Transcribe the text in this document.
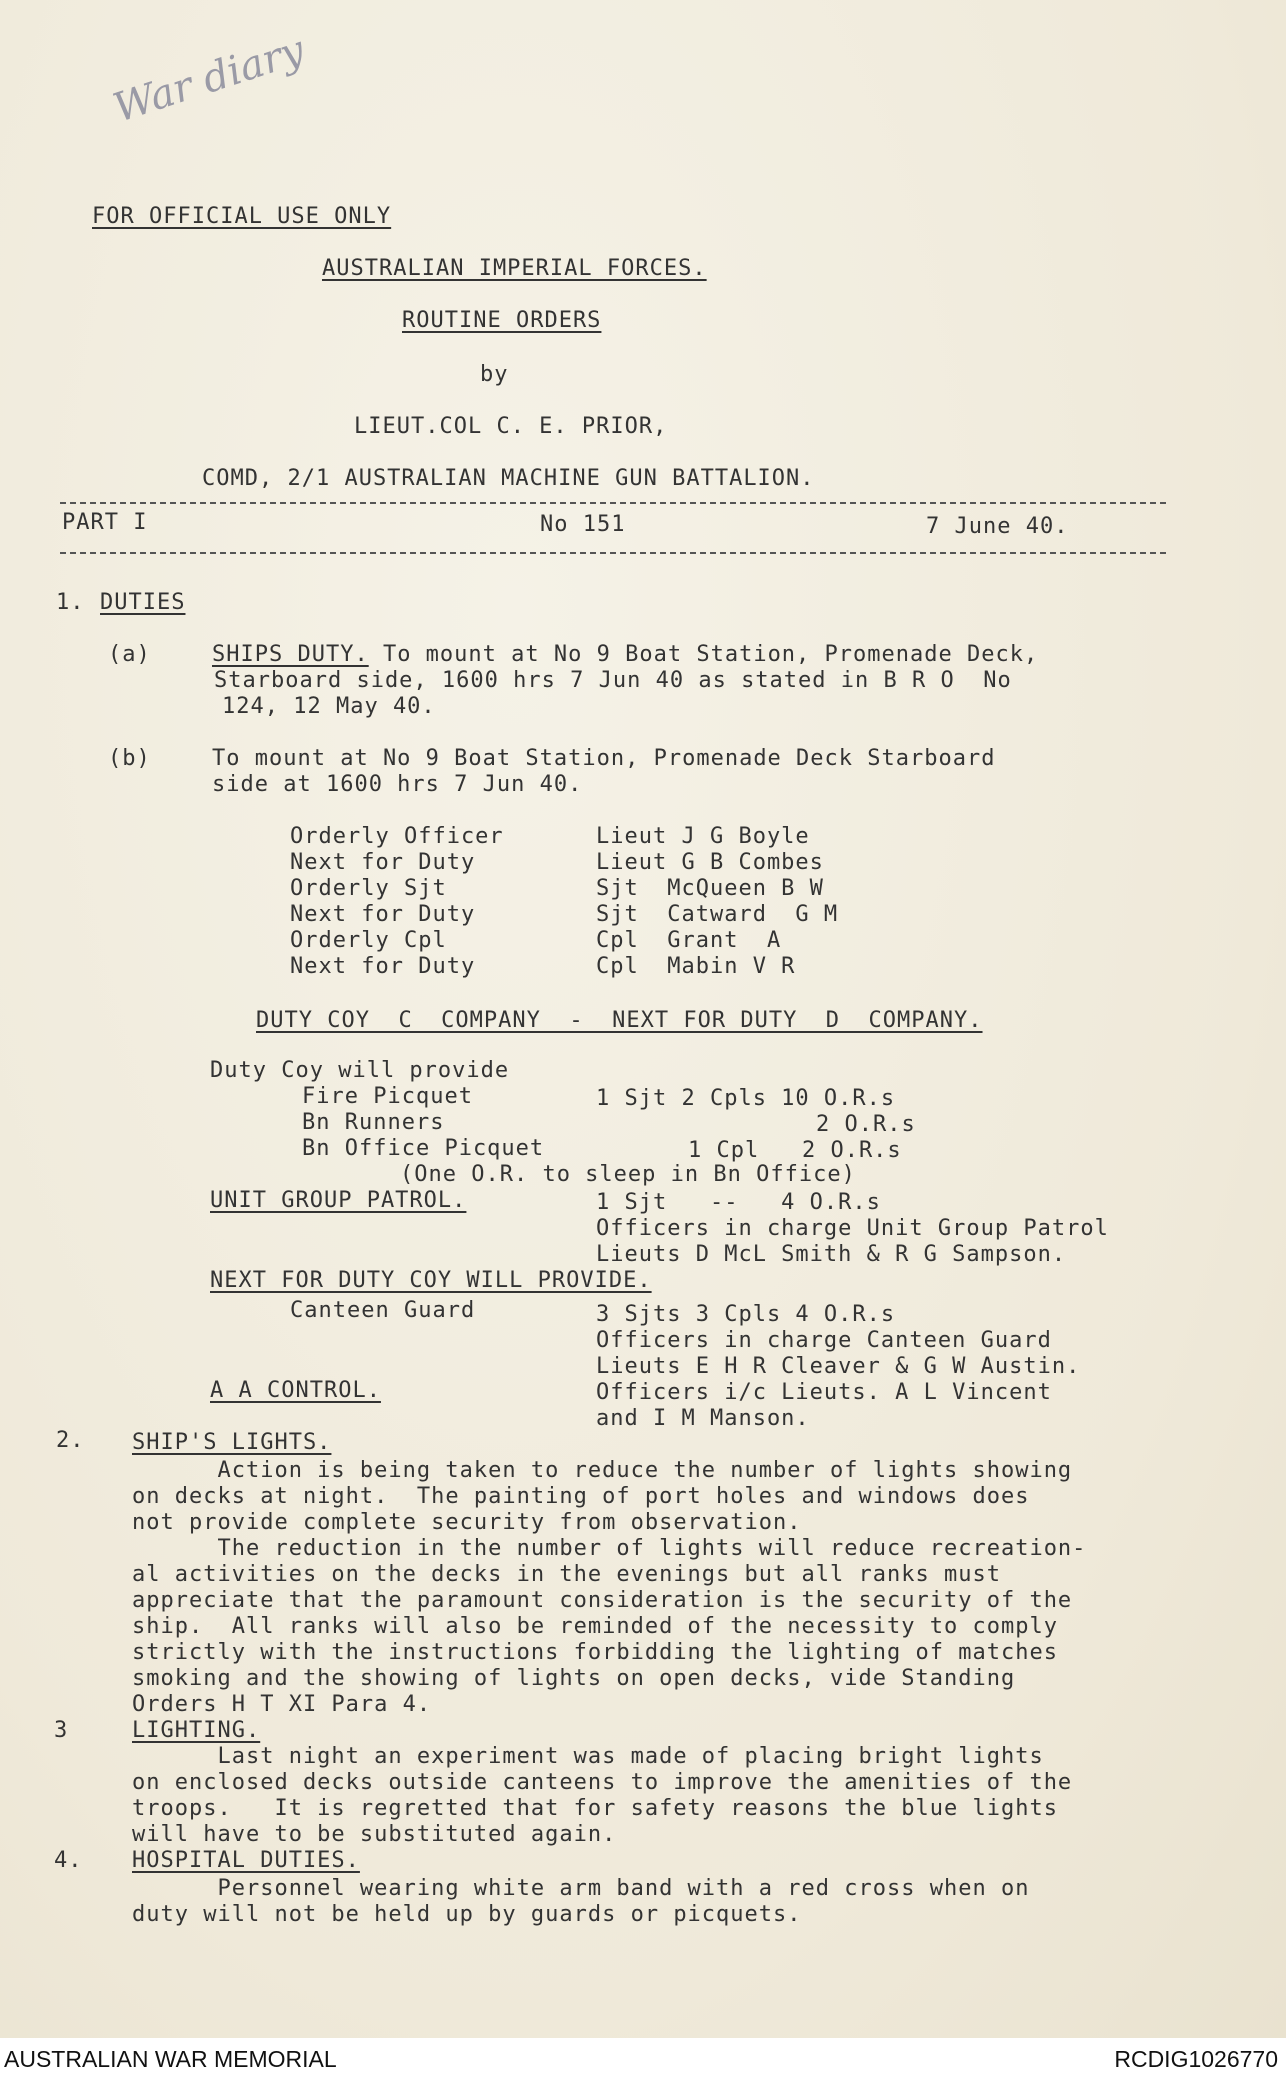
War diary
FOR OFFICIAL USE ONLY
AUSTRALIAN IMPERIAL FORCES.
ROUTINE ORDERS
by
LIEUT.COL C. E. PRIOR,
COMD, 2/1 AUSTRALIAN MACHINE GUN BATTALION.
PART I	No 151	7 June 40.
1. DUTIES
(a)	SHIPS DUTY. To mount at No 9 Boat Station, Promenade Deck,
Starboard side, 1600 hrs 7 Jun 40 as stated in B R O  No
124, 12 May 40.
(b)	To mount at No 9 Boat Station, Promenade Deck Starboard
side at 1600 hrs 7 Jun 40.
Orderly Officer	Lieut J G Boyle
Next for Duty	Lieut G B Combes
Orderly Sjt	Sjt  McQueen B W
Next for Duty	Sjt  Catward  G M
Orderly Cpl	Cpl  Grant  A
Next for Duty	Cpl  Mabin V R
DUTY COY  C  COMPANY  -  NEXT FOR DUTY  D  COMPANY.
Duty Coy will provide
Fire Picquet	1 Sjt 2 Cpls 10 O.R.s
Bn Runners	2 O.R.s
Bn Office Picquet	1 Cpl   2 O.R.s
(One O.R. to sleep in Bn Office)
UNIT GROUP PATROL.	1 Sjt   --   4 O.R.s
Officers in charge Unit Group Patrol
Lieuts D McL Smith & R G Sampson.
NEXT FOR DUTY COY WILL PROVIDE.
Canteen Guard	3 Sjts 3 Cpls 4 O.R.s
Officers in charge Canteen Guard
Lieuts E H R Cleaver & G W Austin.
A A CONTROL.	Officers i/c Lieuts. A L Vincent
and I M Manson.
2. SHIP'S LIGHTS.
Action is being taken to reduce the number of lights showing
on decks at night.  The painting of port holes and windows does
not provide complete security from observation.
The reduction in the number of lights will reduce recreation-
al activities on the decks in the evenings but all ranks must
appreciate that the paramount consideration is the security of the
ship.  All ranks will also be reminded of the necessity to comply
strictly with the instructions forbidding the lighting of matches
smoking and the showing of lights on open decks, vide Standing
Orders H T XI Para 4.
3	LIGHTING.
Last night an experiment was made of placing bright lights
on enclosed decks outside canteens to improve the amenities of the
troops.   It is regretted that for safety reasons the blue lights
will have to be substituted again.
4. HOSPITAL DUTIES.
Personnel wearing white arm band with a red cross when on
duty will not be held up by guards or picquets.
AUSTRALIAN WAR MEMORIAL	RCDIG1026770
